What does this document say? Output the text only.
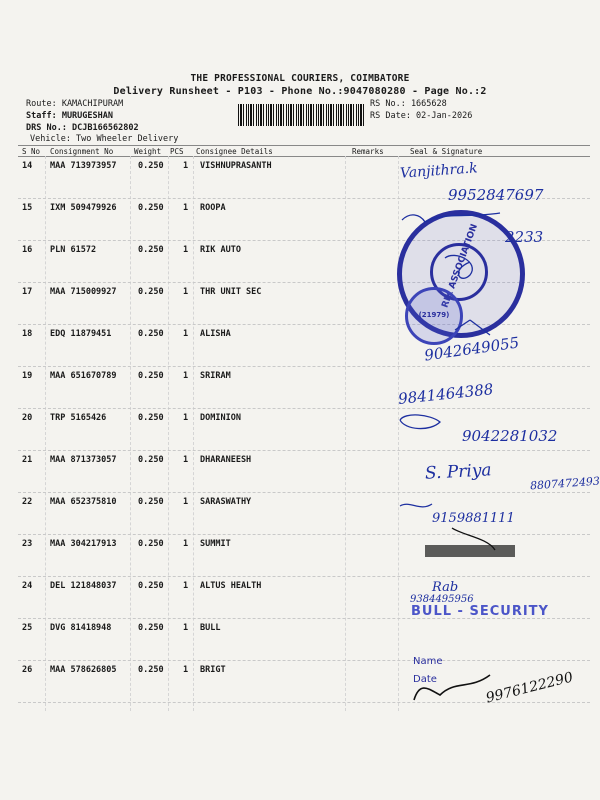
THE PROFESSIONAL COURIERS, COIMBATORE
Delivery Runsheet - P103 - Phone No.:9047080280 - Page No.:2
Route: KAMACHIPURAM
Staff: MURUGESHAN
DRS No.: DCJB166562802
Vehicle: Two Wheeler Delivery
RS No.: 1665628
RS Date: 02-Jan-2026
S No Consignment No	Weight PCS Consignee Details	Remarks	Seal & Signature
14 MAA 713973957	0.250 1 VISHNUPRASANTH
15 IXM 509479926	0.250 1 ROOPA
16 PLN 61572	0.250 1 RIK AUTO
17 MAA 715009927	0.250 1 THR UNIT SEC
18 EDQ 11879451	0.250 1 ALISHA
19 MAA 651670789	0.250 1 SRIRAM
20 TRP 5165426	0.250 1 DOMINION
21 MAA 871373057	0.250 1 DHARANEESH
22 MAA 652375810	0.250 1 SARASWATHY
23 MAA 304217913	0.250 1 SUMMIT
24 DEL 121848037	0.250 1 ALTUS HEALTH
25 DVG 81418948	0.250 1 BULL
26 MAA 578626805	0.250 1 BRIGT
RIK ASSOCIATION
(21979)
BULL - SECURITY
Name
Date
Vanjithra.k
9952847697
2233
9042649055
9841464388
9042281032
S. Priya	8807472493
9159881111
Rab
9384495956
9976122290
